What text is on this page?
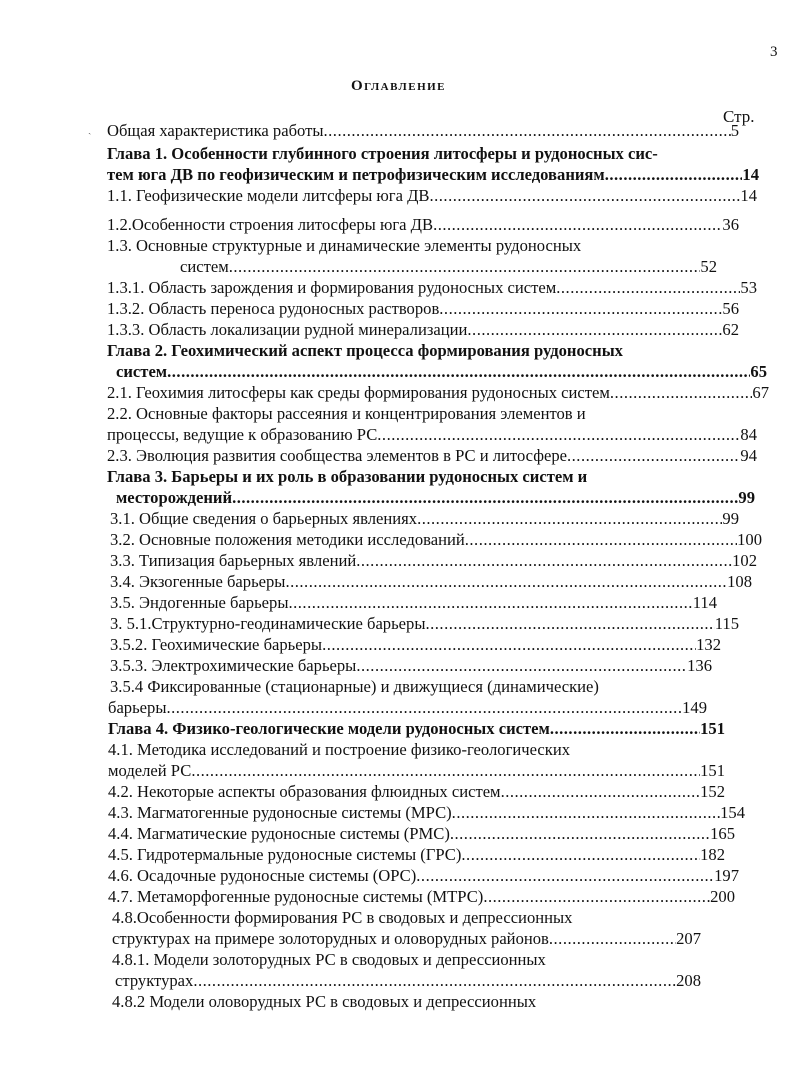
3
Оглавление
Стр.
Общая характеристика работы .....	5
Глава 1. Особенности глубинного строения литосферы и рудоносных сис-
тем юга ДВ по геофизическим и петрофизическим исследованиям .....	14
1.1. Геофизические модели литсферы юга ДВ .....	14
1.2.Особенности строения литосферы юга ДВ .....	36
1.3. Основные структурные и динамические элементы рудоносных
систем .....	52
1.3.1. Область зарождения и формирования рудоносных систем .....	53
1.3.2. Область переноса рудоносных растворов .....	56
1.3.3. Область локализации рудной минерализации .....	62
Глава 2. Геохимический аспект процесса формирования рудоносных
систем .....	65
2.1. Геохимия литосферы как среды формирования рудоносных систем .....	67
2.2. Основные факторы рассеяния и концентрирования элементов и
процессы, ведущие к образованию РС .....	84
2.3. Эволюция развития сообщества элементов в РС и литосфере .....	94
Глава 3. Барьеры и их роль в образовании рудоносных систем и
месторождений .....	99
3.1. Общие сведения о барьерных явлениях .....	99
3.2. Основные положения методики исследований .....	100
3.3. Типизация барьерных явлений .....	102
3.4. Экзогенные барьеры .....	108
3.5. Эндогенные барьеры .....	114
3. 5.1.Структурно-геодинамические барьеры .....	115
3.5.2. Геохимические барьеры .....	132
3.5.3. Электрохимические барьеры .....	136
3.5.4 Фиксированные (стационарные) и движущиеся (динамические)
барьеры .....	149
Глава 4. Физико-геологические модели рудоносных систем .....	151
4.1. Методика исследований и построение физико-геологических
моделей РС .....	151
4.2. Некоторые аспекты образования флюидных систем .....	152
4.3. Магматогенные рудоносные системы (МРС) .....	154
4.4. Магматические рудоносные системы (РМС) .....	165
4.5. Гидротермальные рудоносные системы (ГРС) .....	182
4.6. Осадочные рудоносные системы (ОРС) .....	197
4.7. Метаморфогенные рудоносные системы (МТРС) .....	200
4.8.Особенности формирования РС в сводовых и депрессионных
структурах на примере золоторудных и оловорудных районов .....	207
4.8.1. Модели золоторудных РС в сводовых и депрессионных
структурах .....	208
4.8.2 Модели оловорудных РС в сводовых и депрессионных
ˏ
